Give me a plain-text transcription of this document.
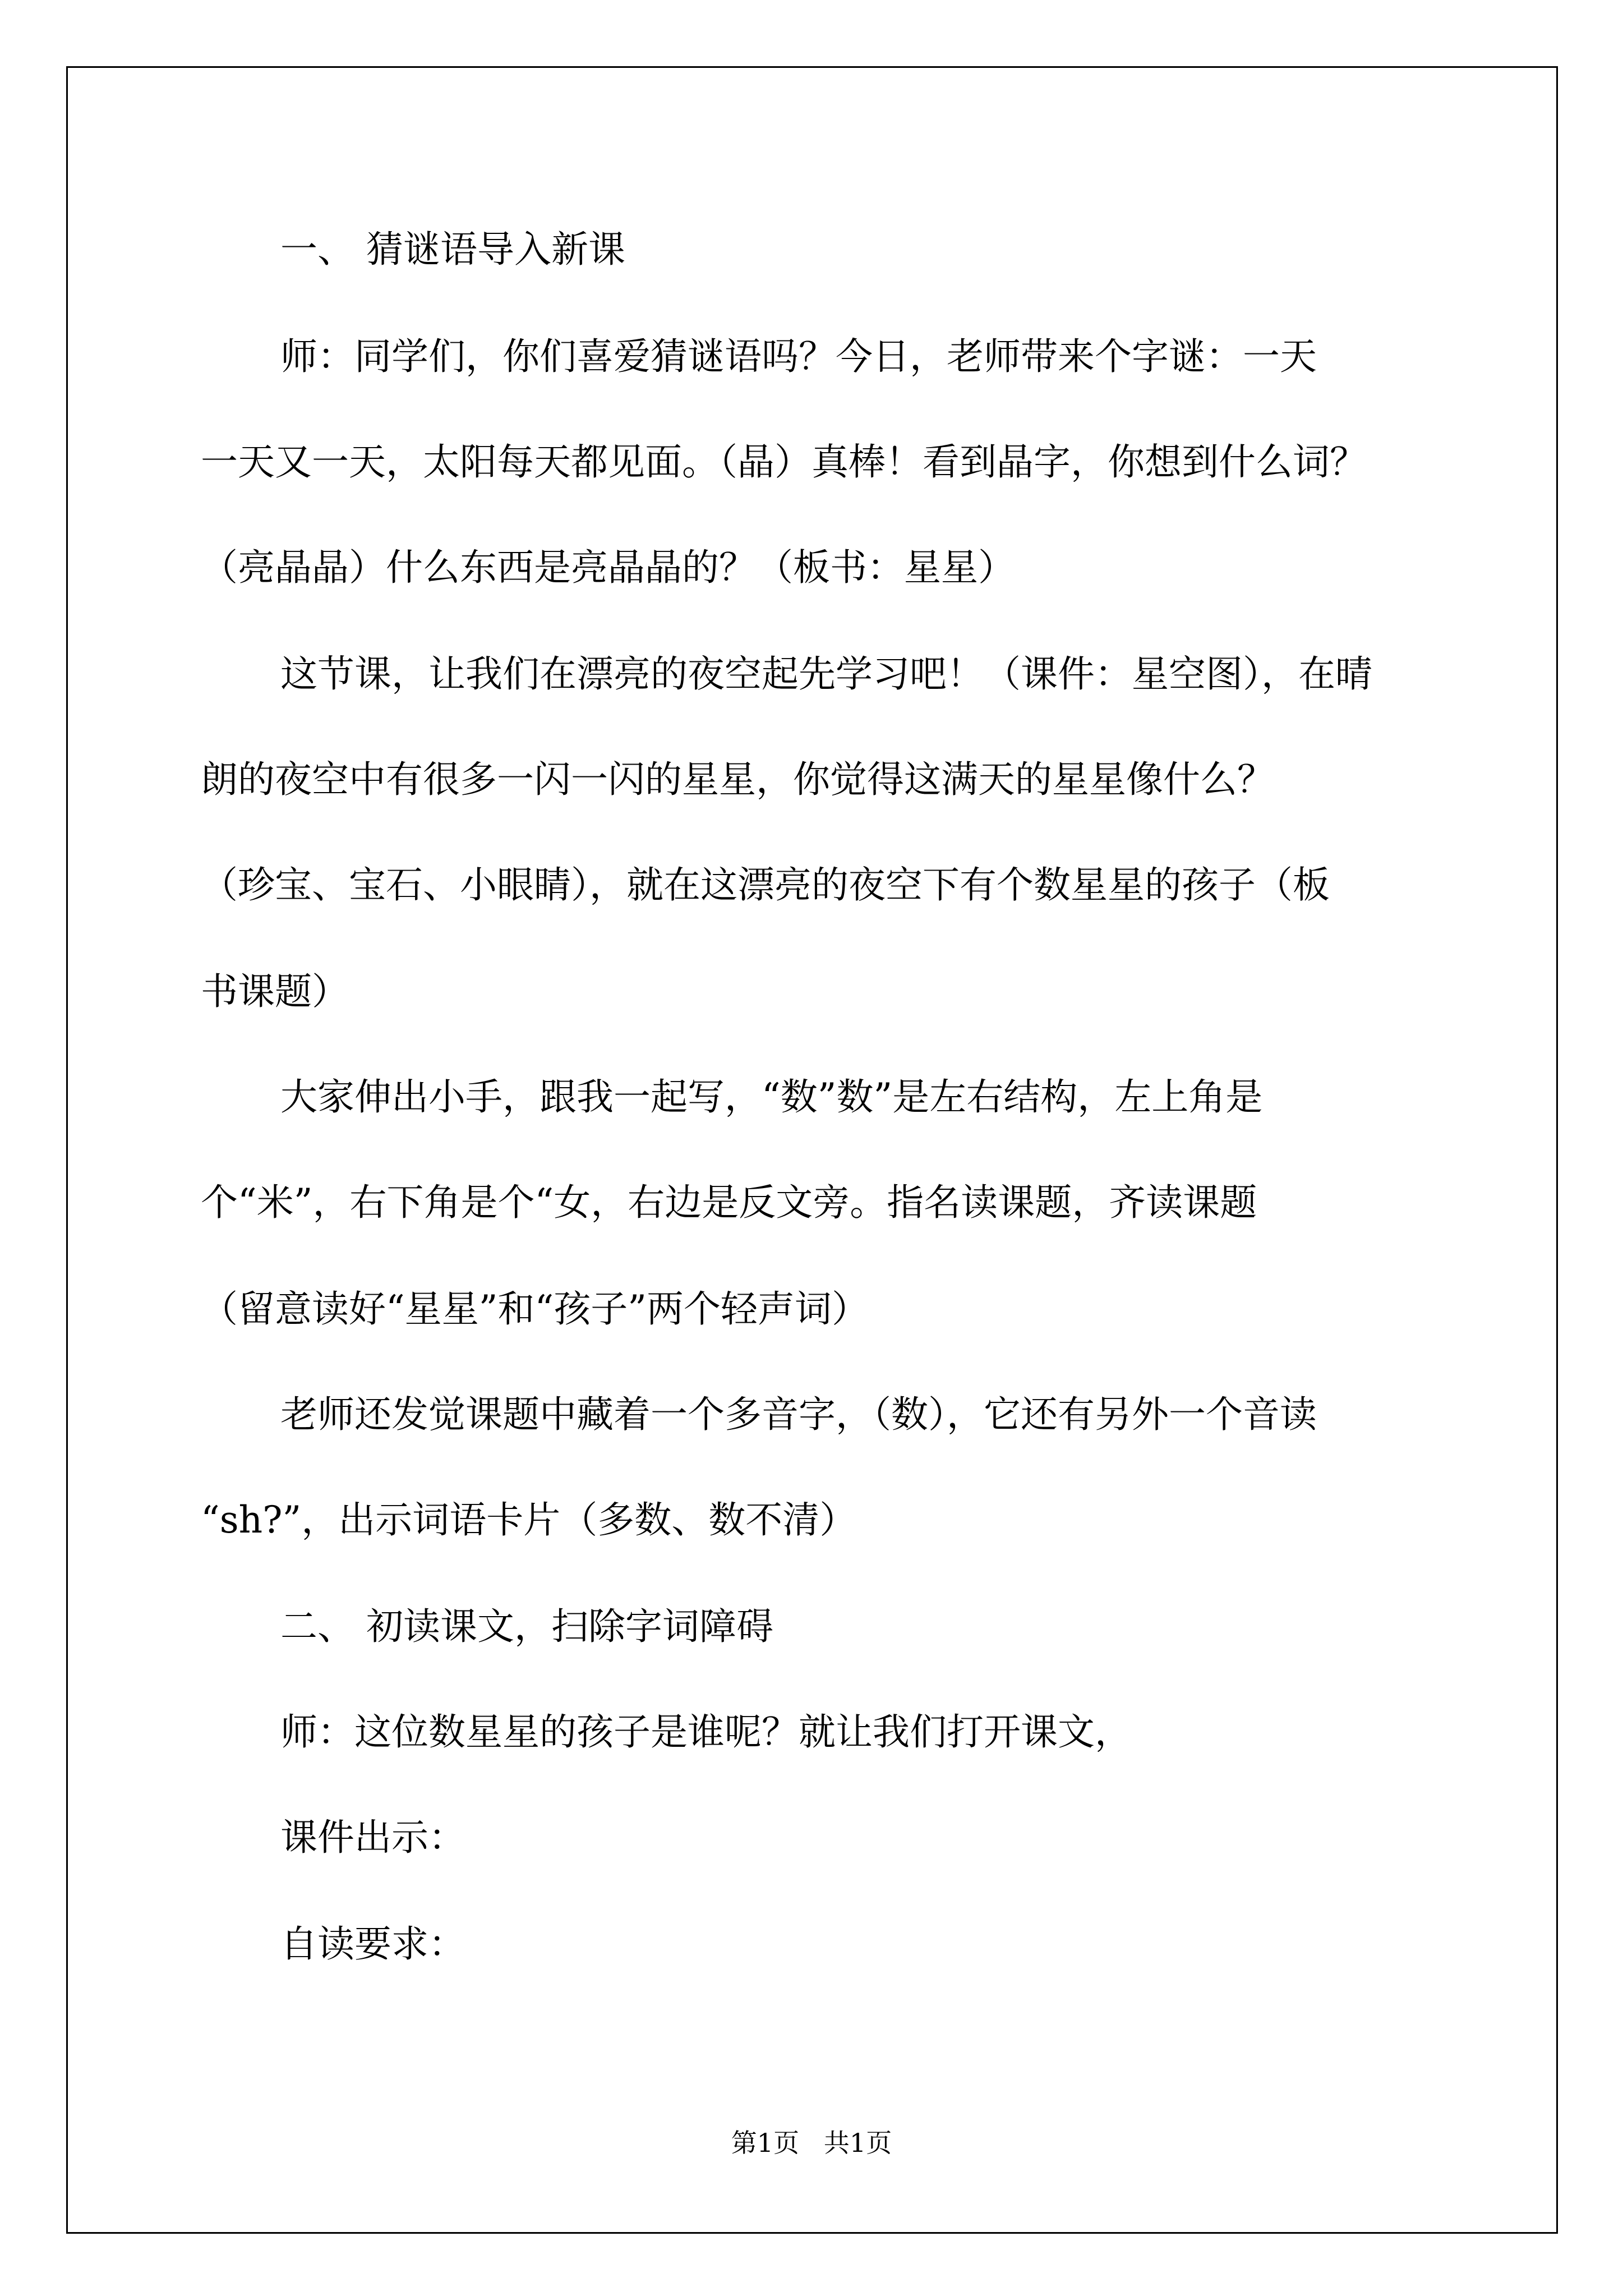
一、 猜谜语导入新课

师：同学们，你们喜爱猜谜语吗？今日，老师带来个字谜：一天

一天又一天，太阳每天都见面。（晶）真棒！看到晶字，你想到什么词？

（亮晶晶）什么东西是亮晶晶的？（板书：星星）

这节课，让我们在漂亮的夜空起先学习吧！（课件：星空图），在晴

朗的夜空中有很多一闪一闪的星星，你觉得这满天的星星像什么？

（珍宝、宝石、小眼睛），就在这漂亮的夜空下有个数星星的孩子（板

书课题）

大家伸出小手，跟我一起写，“数”数”是左右结构，左上角是

个“米”，右下角是个“女，右边是反文旁。指名读课题，齐读课题

（留意读好“星星”和“孩子”两个轻声词）

老师还发觉课题中藏着一个多音字，（数），它还有另外一个音读

“sh?”，出示词语卡片（多数、数不清）

二、 初读课文，扫除字词障碍

师：这位数星星的孩子是谁呢？就让我们打开课文，

课件出示：

自读要求：

第1页   共1页
